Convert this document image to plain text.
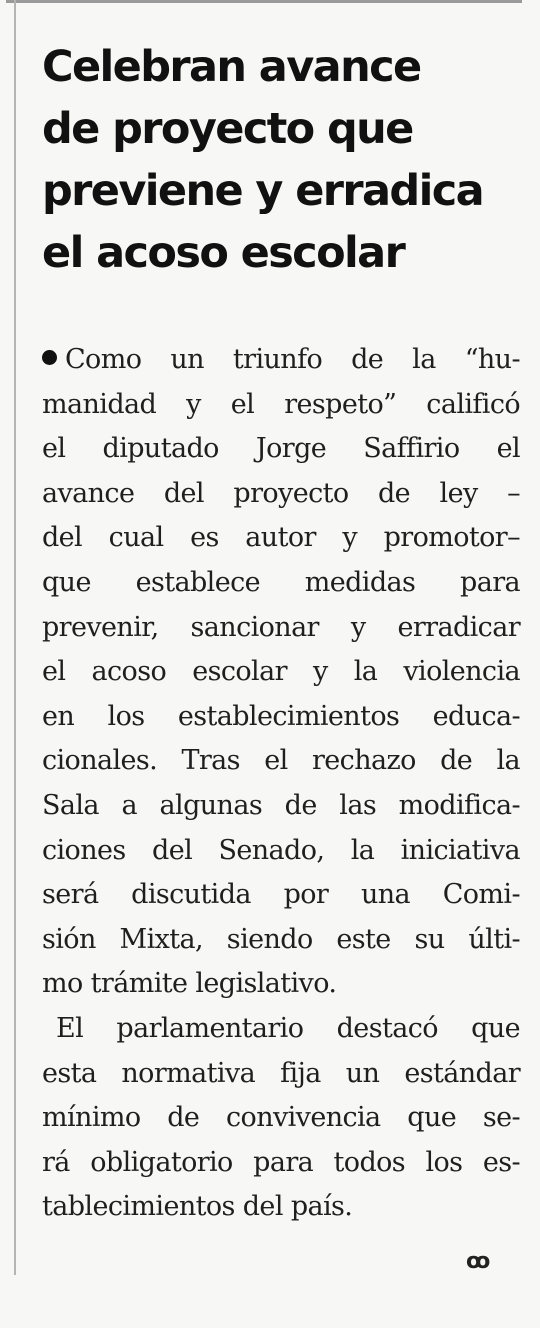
Celebran avance
de proyecto que
previene y erradica
el acoso escolar
Como un triunfo de la “hu-
manidad y el respeto” calificó
el diputado Jorge Saffirio el
avance del proyecto de ley –
del cual es autor y promotor–
que establece medidas para
prevenir, sancionar y erradicar
el acoso escolar y la violencia
en los establecimientos educa-
cionales. Tras el rechazo de la
Sala a algunas de las modifica-
ciones del Senado, la iniciativa
será discutida por una Comi-
sión Mixta, siendo este su últi-
mo trámite legislativo.
El parlamentario destacó que
esta normativa fija un estándar
mínimo de convivencia que se-
rá obligatorio para todos los es-
tablecimientos del país.
ꝏ
